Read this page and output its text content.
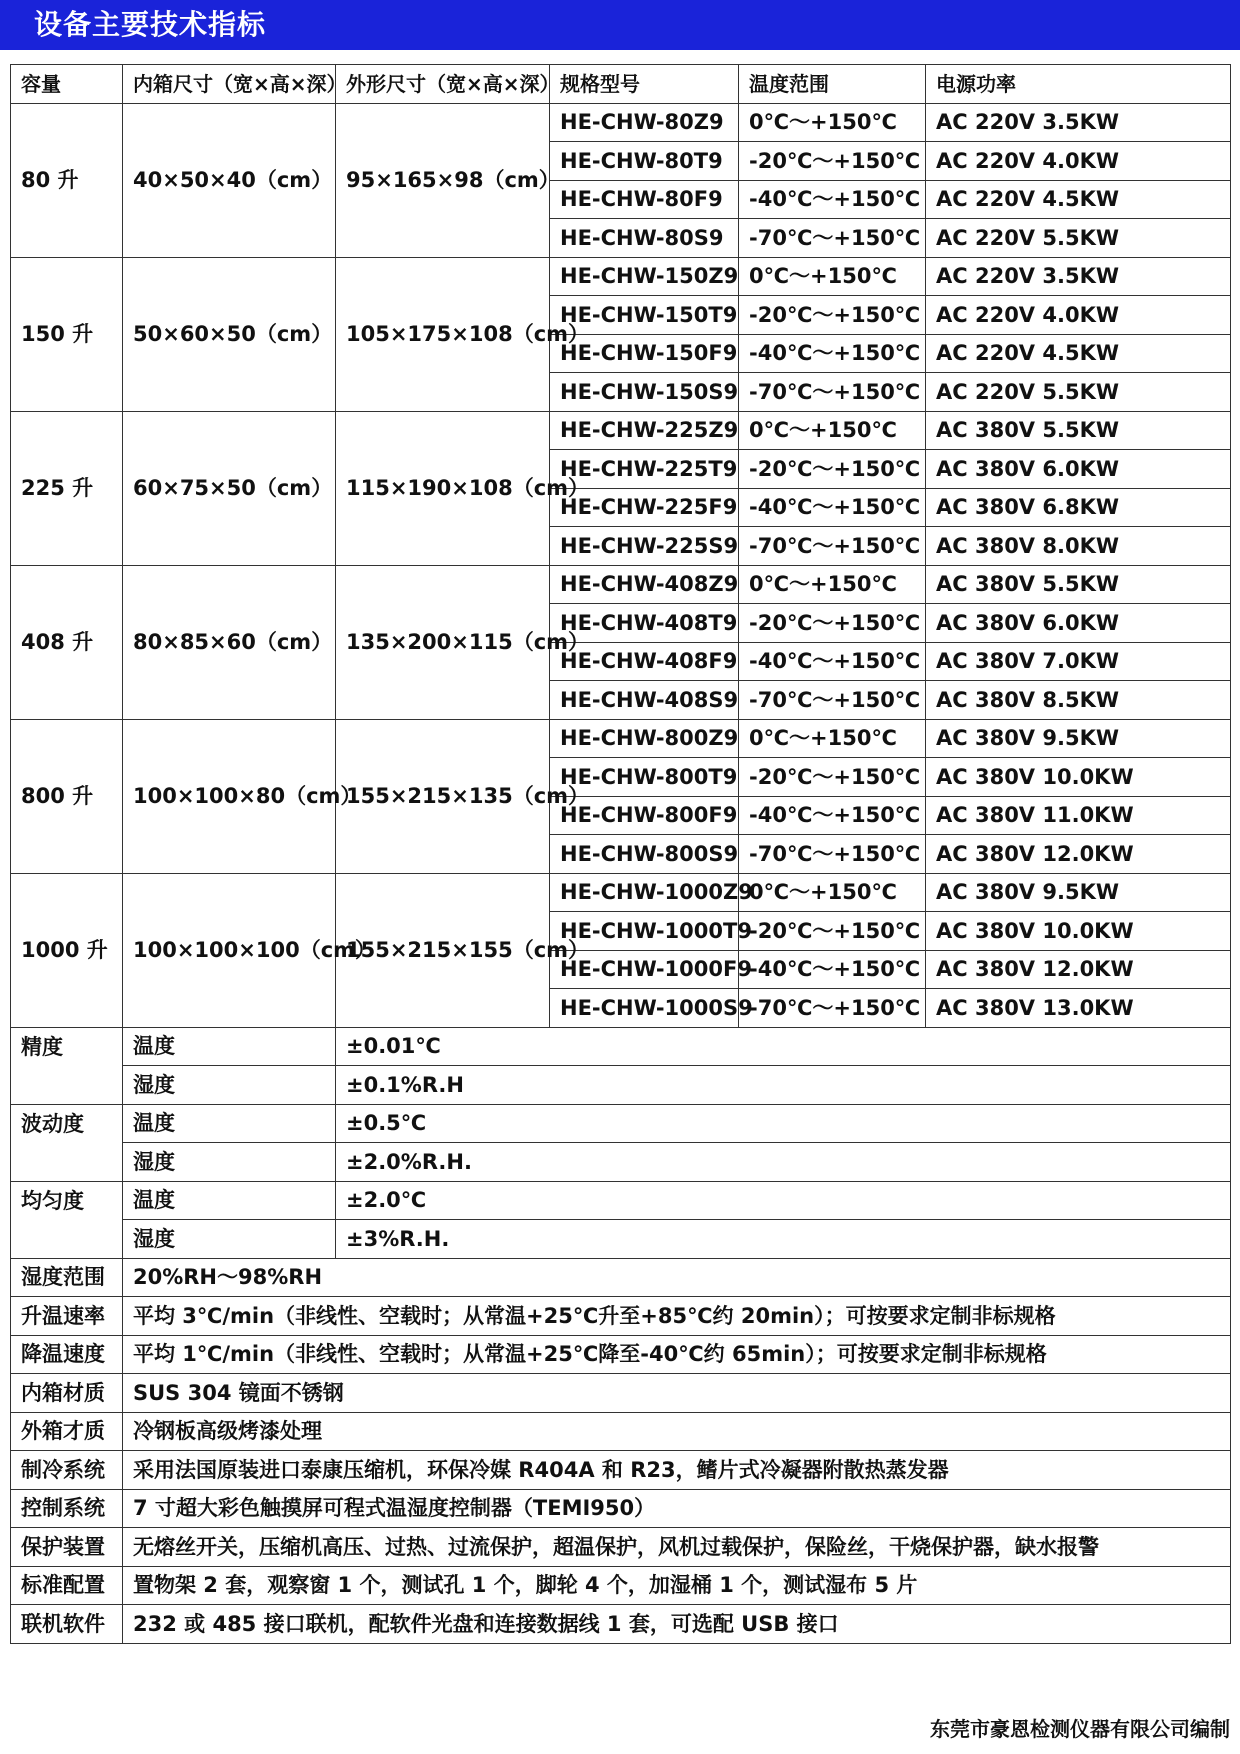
设备主要技术指标
容量	内箱尺寸（宽×高×深）	外形尺寸（宽×高×深）	规格型号	温度范围	电源功率
80 升	40×50×40（cm）	95×165×98（cm）	HE-CHW-80Z9	0℃～+150℃	AC 220V 3.5KW
			HE-CHW-80T9	-20℃～+150℃	AC 220V 4.0KW
			HE-CHW-80F9	-40℃～+150℃	AC 220V 4.5KW
			HE-CHW-80S9	-70℃～+150℃	AC 220V 5.5KW
150 升	50×60×50（cm）	105×175×108（cm）	HE-CHW-150Z9	0℃～+150℃	AC 220V 3.5KW
			HE-CHW-150T9	-20℃～+150℃	AC 220V 4.0KW
			HE-CHW-150F9	-40℃～+150℃	AC 220V 4.5KW
			HE-CHW-150S9	-70℃～+150℃	AC 220V 5.5KW
225 升	60×75×50（cm）	115×190×108（cm）	HE-CHW-225Z9	0℃～+150℃	AC 380V 5.5KW
			HE-CHW-225T9	-20℃～+150℃	AC 380V 6.0KW
			HE-CHW-225F9	-40℃～+150℃	AC 380V 6.8KW
			HE-CHW-225S9	-70℃～+150℃	AC 380V 8.0KW
408 升	80×85×60（cm）	135×200×115（cm）	HE-CHW-408Z9	0℃～+150℃	AC 380V 5.5KW
			HE-CHW-408T9	-20℃～+150℃	AC 380V 6.0KW
			HE-CHW-408F9	-40℃～+150℃	AC 380V 7.0KW
			HE-CHW-408S9	-70℃～+150℃	AC 380V 8.5KW
800 升	100×100×80（cm）	155×215×135（cm）	HE-CHW-800Z9	0℃～+150℃	AC 380V 9.5KW
			HE-CHW-800T9	-20℃～+150℃	AC 380V 10.0KW
			HE-CHW-800F9	-40℃～+150℃	AC 380V 11.0KW
			HE-CHW-800S9	-70℃～+150℃	AC 380V 12.0KW
1000 升	100×100×100（cm）	155×215×155（cm）	HE-CHW-1000Z9	0℃～+150℃	AC 380V 9.5KW
			HE-CHW-1000T9	-20℃～+150℃	AC 380V 10.0KW
			HE-CHW-1000F9	-40℃～+150℃	AC 380V 12.0KW
			HE-CHW-1000S9	-70℃～+150℃	AC 380V 13.0KW
精度	温度	±0.01℃			
	湿度	±0.1%R.H			
波动度	温度	±0.5℃			
	湿度	±2.0%R.H.			
均匀度	温度	±2.0℃			
	湿度	±3%R.H.			
湿度范围	20%RH～98%RH				
升温速率	平均 3℃/min（非线性、空载时；从常温+25℃升至+85℃约 20min）；可按要求定制非标规格				
降温速度	平均 1℃/min（非线性、空载时；从常温+25℃降至-40℃约 65min）；可按要求定制非标规格				
内箱材质	SUS 304 镜面不锈钢				
外箱才质	冷钢板高级烤漆处理				
制冷系统	采用法国原装进口泰康压缩机，环保冷媒 R404A 和 R23，鳍片式冷凝器附散热蒸发器				
控制系统	7 寸超大彩色触摸屏可程式温湿度控制器（TEMI950）				
保护装置	无熔丝开关，压缩机高压、过热、过流保护，超温保护，风机过载保护，保险丝，干烧保护器，缺水报警				
标准配置	置物架 2 套，观察窗 1 个，测试孔 1 个，脚轮 4 个，加湿桶 1 个，测试湿布 5 片				
联机软件	232 或 485 接口联机，配软件光盘和连接数据线 1 套，可选配 USB 接口				
东莞市豪恩检测仪器有限公司编制
